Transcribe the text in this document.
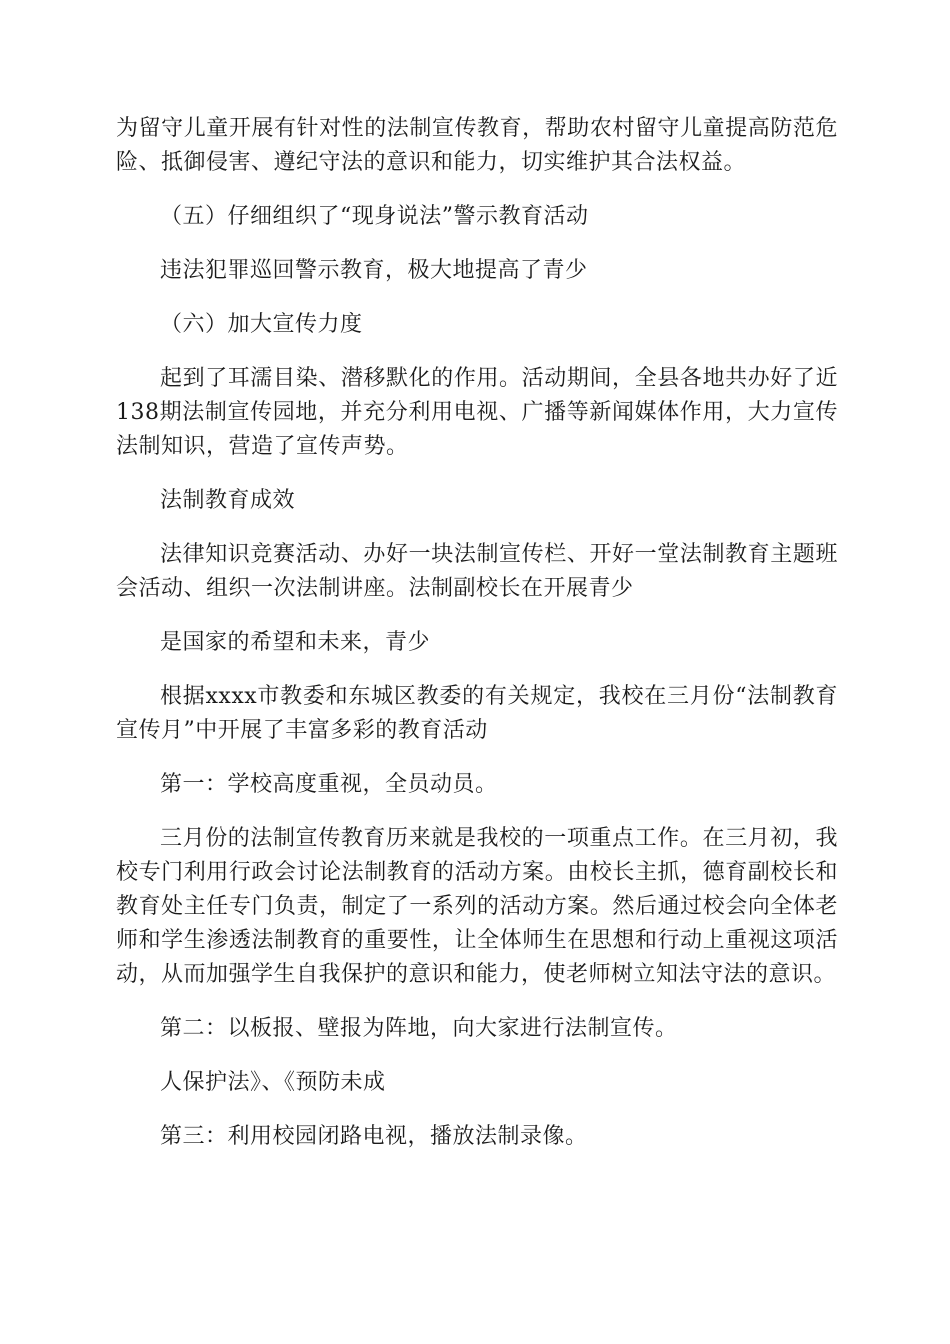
为留守儿童开展有针对性的法制宣传教育，帮助农村留守儿童提高防范危险、抵御侵害、遵纪守法的意识和能力，切实维护其合法权益。

（五）仔细组织了“现身说法”警示教育活动

违法犯罪巡回警示教育，极大地提高了青少

（六）加大宣传力度

起到了耳濡目染、潜移默化的作用。活动期间，全县各地共办好了近138期法制宣传园地，并充分利用电视、广播等新闻媒体作用，大力宣传法制知识，营造了宣传声势。

法制教育成效

法律知识竞赛活动、办好一块法制宣传栏、开好一堂法制教育主题班会活动、组织一次法制讲座。法制副校长在开展青少

是国家的希望和未来，青少

根据xxxx市教委和东城区教委的有关规定，我校在三月份“法制教育宣传月”中开展了丰富多彩的教育活动

第一：学校高度重视，全员动员。

三月份的法制宣传教育历来就是我校的一项重点工作。在三月初，我校专门利用行政会讨论法制教育的活动方案。由校长主抓，德育副校长和教育处主任专门负责，制定了一系列的活动方案。然后通过校会向全体老师和学生渗透法制教育的重要性，让全体师生在思想和行动上重视这项活动，从而加强学生自我保护的意识和能力，使老师树立知法守法的意识。

第二：以板报、壁报为阵地，向大家进行法制宣传。

人保护法》、《预防未成

第三：利用校园闭路电视，播放法制录像。
